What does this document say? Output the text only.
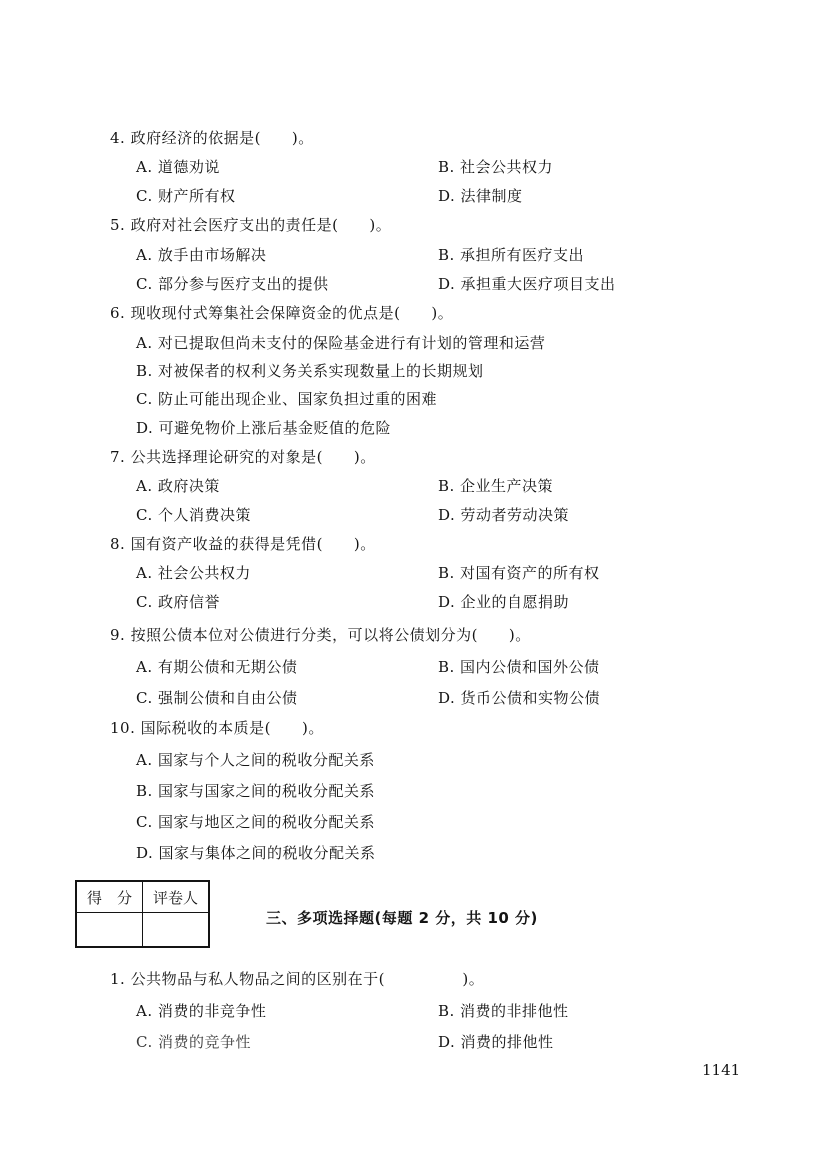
4. 政府经济的依据是(　　)。
A. 道德劝说	B. 社会公共权力
C. 财产所有权	D. 法律制度
5. 政府对社会医疗支出的责任是(　　)。
A. 放手由市场解决	B. 承担所有医疗支出
C. 部分参与医疗支出的提供	D. 承担重大医疗项目支出
6. 现收现付式筹集社会保障资金的优点是(　　)。
A. 对已提取但尚未支付的保险基金进行有计划的管理和运营
B. 对被保者的权利义务关系实现数量上的长期规划
C. 防止可能出现企业、国家负担过重的困难
D. 可避免物价上涨后基金贬值的危险
7. 公共选择理论研究的对象是(　　)。
A. 政府决策	B. 企业生产决策
C. 个人消费决策	D. 劳动者劳动决策
8. 国有资产收益的获得是凭借(　　)。
A. 社会公共权力	B. 对国有资产的所有权
C. 政府信誉	D. 企业的自愿捐助
9. 按照公债本位对公债进行分类，可以将公债划分为(　　)。
A. 有期公债和无期公债	B. 国内公债和国外公债
C. 强制公债和自由公债	D. 货币公债和实物公债
10. 国际税收的本质是(　　)。
A. 国家与个人之间的税收分配关系
B. 国家与国家之间的税收分配关系
C. 国家与地区之间的税收分配关系
D. 国家与集体之间的税收分配关系
得　分	评卷人

三、多项选择题(每题 2 分，共 10 分)
1. 公共物品与私人物品之间的区别在于(　　　　　)。
A. 消费的非竞争性	B. 消费的非排他性
C. 消费的竞争性	D. 消费的排他性
1141
